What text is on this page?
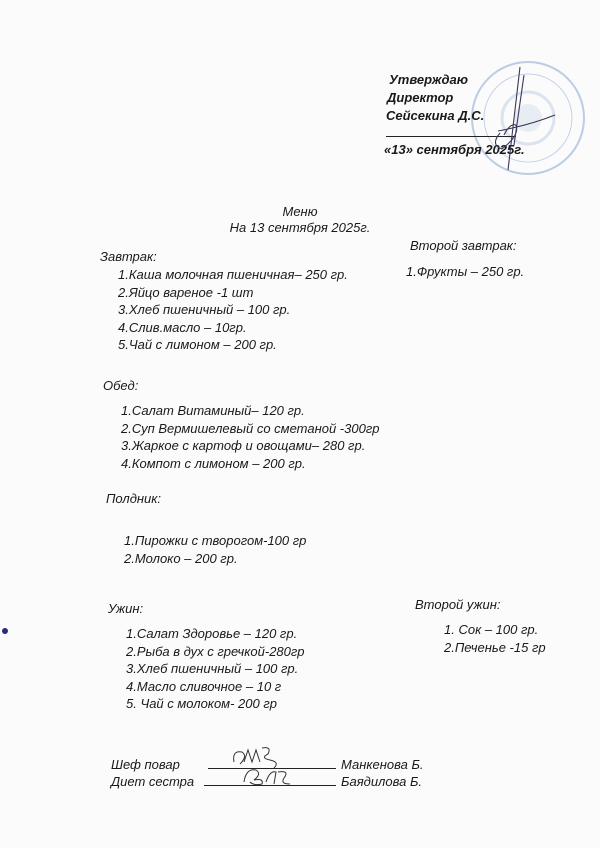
Утверждаю
Директор
Сейсекина Д.С.
«13» сентября 2025г.
Меню
На 13 сентября 2025г.
Завтрак:
1.Каша молочная пшеничная– 250 гр.
2.Яйцо вареное -1 шт
3.Хлеб пшеничный – 100 гр.
4.Слив.масло – 10гр.
5.Чай с лимоном – 200 гр.
Второй завтрак:
1.Фрукты – 250 гр.
Обед:
1.Салат Витаминый– 120 гр.
2.Суп Вермишелевый со сметаной -300гр
3.Жаркое с картоф и овощами– 280 гр.
4.Компот с лимоном – 200 гр.
Полдник:
1.Пирожки с творогом-100 гр
2.Молоко – 200 гр.
Ужин:
1.Салат Здоровье – 120 гр.
2.Рыба в дух с гречкой-280гр
3.Хлеб пшеничный – 100 гр.
4.Масло сливочное – 10 г
5. Чай с молоком- 200 гр
Второй ужин:
1. Сок – 100 гр.
2.Печенье -15 гр
Шеф повар	Манкенова Б.
Диет сестра	Баядилова Б.
